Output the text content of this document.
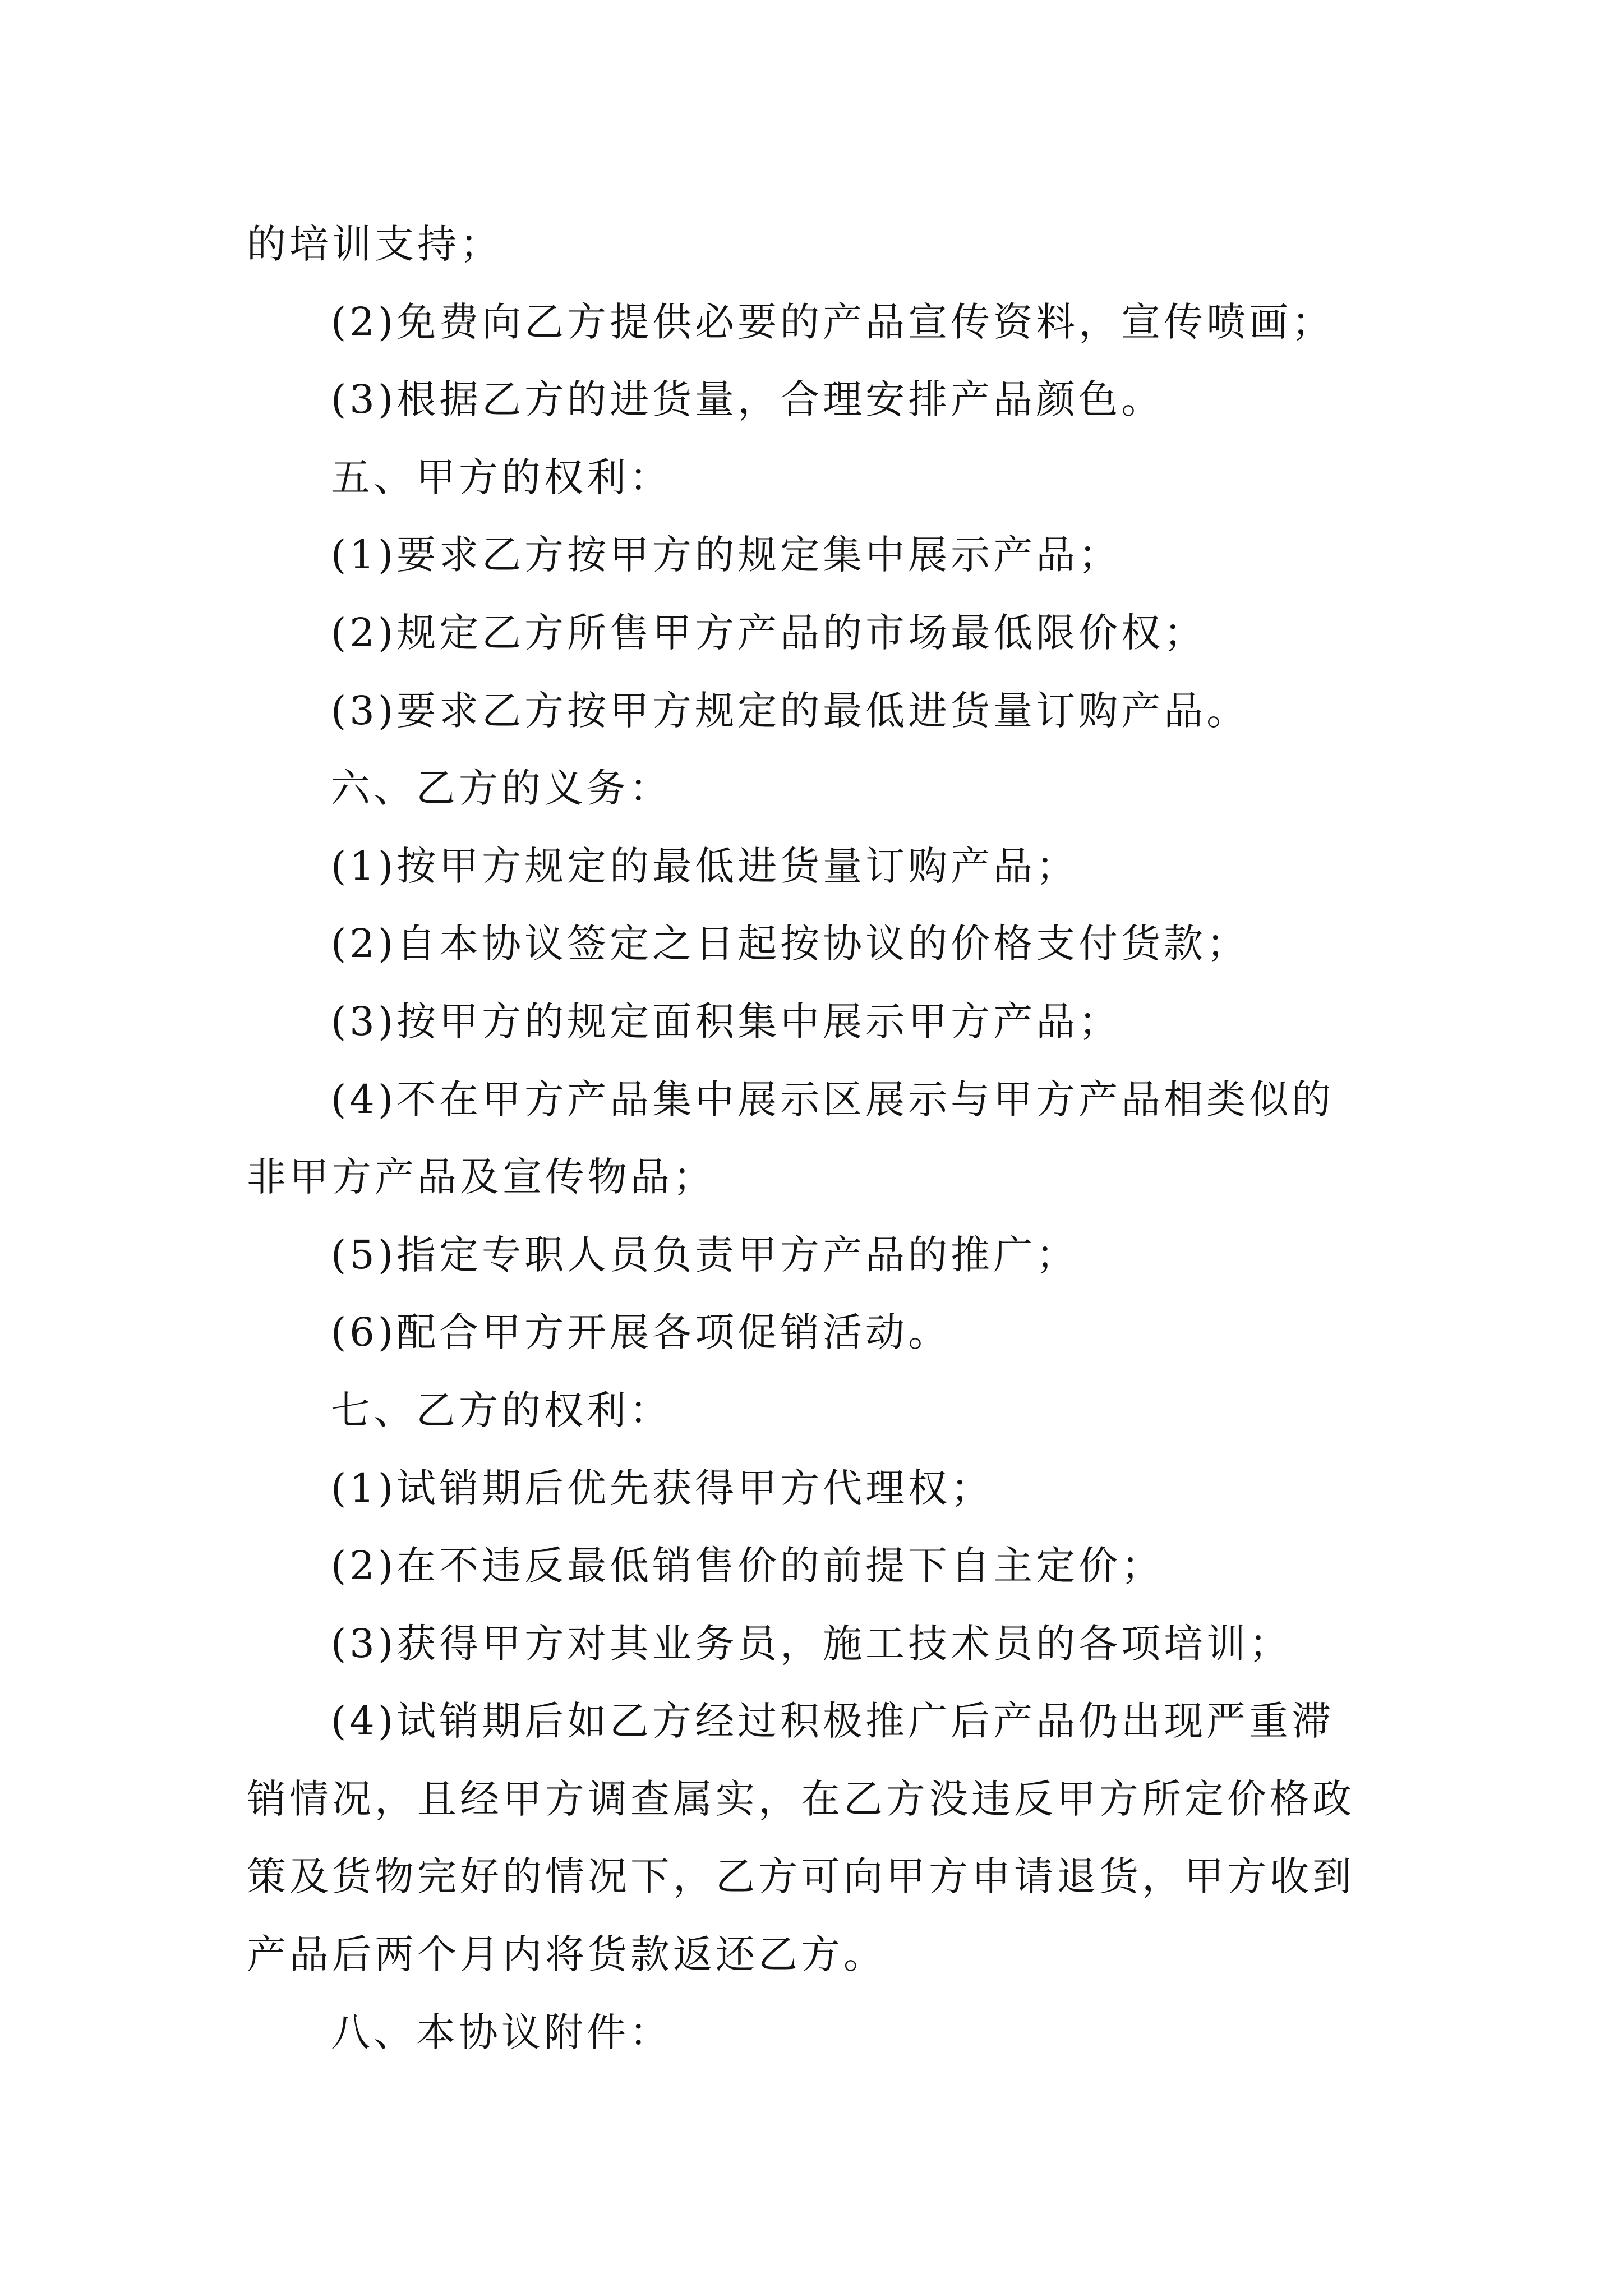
的培训支持；
(2)免费向乙方提供必要的产品宣传资料，宣传喷画；
(3)根据乙方的进货量，合理安排产品颜色。
五、甲方的权利：
(1)要求乙方按甲方的规定集中展示产品；
(2)规定乙方所售甲方产品的市场最低限价权；
(3)要求乙方按甲方规定的最低进货量订购产品。
六、乙方的义务：
(1)按甲方规定的最低进货量订购产品；
(2)自本协议签定之日起按协议的价格支付货款；
(3)按甲方的规定面积集中展示甲方产品；
(4)不在甲方产品集中展示区展示与甲方产品相类似的
非甲方产品及宣传物品；
(5)指定专职人员负责甲方产品的推广；
(6)配合甲方开展各项促销活动。
七、乙方的权利：
(1)试销期后优先获得甲方代理权；
(2)在不违反最低销售价的前提下自主定价；
(3)获得甲方对其业务员，施工技术员的各项培训；
(4)试销期后如乙方经过积极推广后产品仍出现严重滞
销情况，且经甲方调查属实，在乙方没违反甲方所定价格政
策及货物完好的情况下，乙方可向甲方申请退货，甲方收到
产品后两个月内将货款返还乙方。
八、本协议附件：
